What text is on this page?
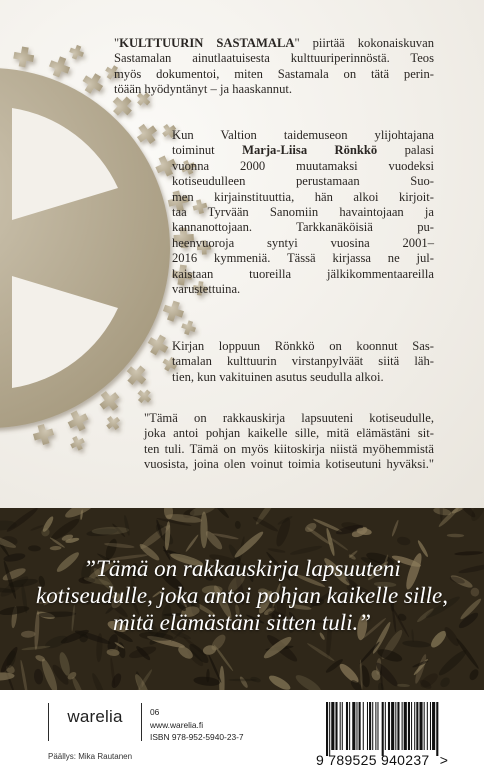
"KULTTUURIN SASTAMALA" piirtää kokonaiskuvan
Sastamalan ainutlaatuisesta kulttuuriperinnöstä. Teos
myös dokumentoi, miten Sastamala on tätä perin-
töään hyödyntänyt – ja haaskannut.
Kun Valtion taidemuseon ylijohtajana
toiminut Marja-Liisa Rönkkö palasi
vuonna 2000 muutamaksi vuodeksi
kotiseudulleen perustamaan Suo-
men kirjainstituuttia, hän alkoi kirjoit-
taa Tyrvään Sanomiin havaintojaan ja
kannanottojaan. Tarkkanäköisiä pu-
heenvuoroja syntyi vuosina 2001–
2016 kymmeniä. Tässä kirjassa ne jul-
kaistaan tuoreilla jälkikommentaareilla
varustettuina.
Kirjan loppuun Rönkkö on koonnut Sas-
tamalan kulttuurin virstanpylväät siitä läh-
tien, kun vakituinen asutus seudulla alkoi.
"Tämä on rakkauskirja lapsuuteni kotiseudulle,
joka antoi pohjan kaikelle sille, mitä elämästäni sit-
ten tuli. Tämä on myös kiitoskirja niistä myöhemmistä
vuosista, joina olen voinut toimia kotiseutuni hyväksi."
”Tämä on rakkauskirja lapsuuteni
kotiseudulle, joka antoi pohjan kaikelle sille,
mitä elämästäni sitten tuli.”
warelia
Päällys: Mika Rautanen
06
www.warelia.fi
ISBN 978-952-5940-23-7
9 789525 940237 >
